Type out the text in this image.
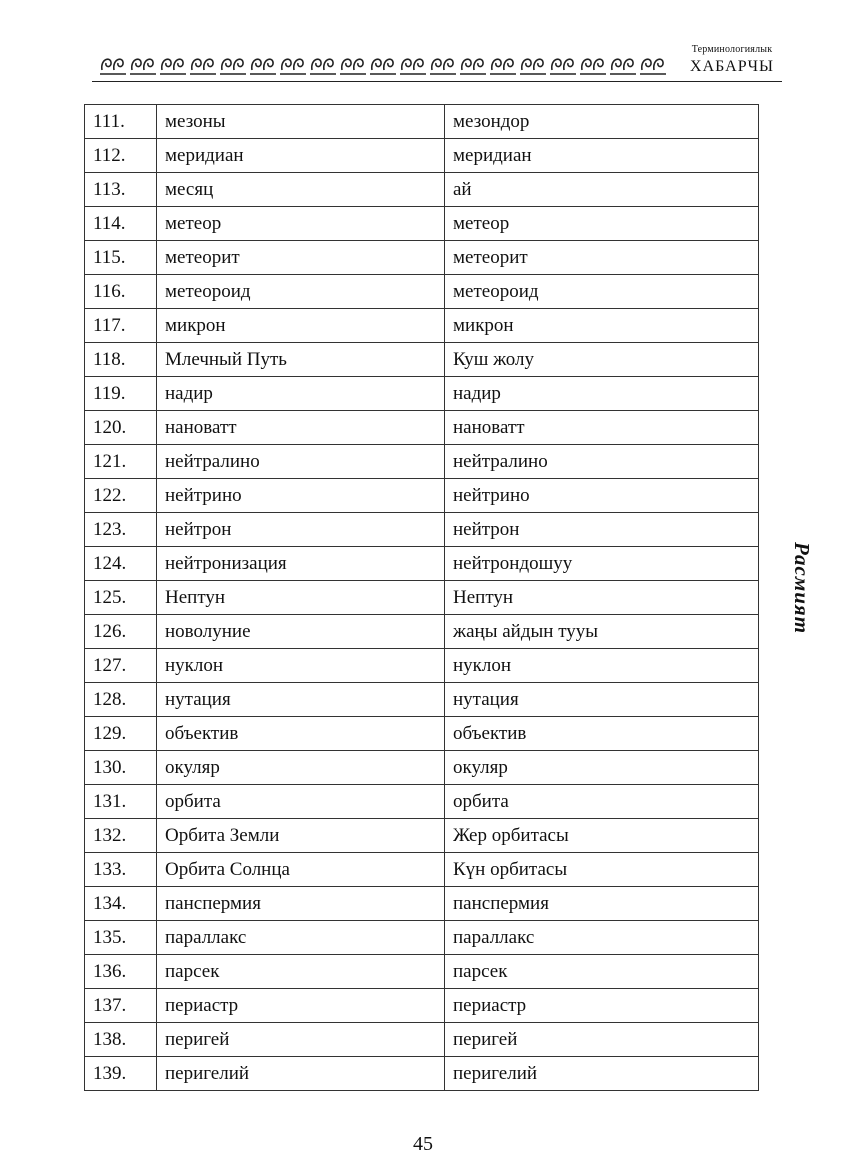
Терминологиялык
ХАБАРЧЫ
111.	мезоны	мезондор
112.	меридиан	меридиан
113.	месяц	ай
114.	метеор	метеор
115.	метеорит	метеорит
116.	метеороид	метеороид
117.	микрон	микрон
118.	Млечный Путь	Куш жолу
119.	надир	надир
120.	нановатт	нановатт
121.	нейтралино	нейтралино
122.	нейтрино	нейтрино
123.	нейтрон	нейтрон
124.	нейтронизация	нейтрондошуу
125.	Нептун	Нептун
126.	новолуние	жаңы айдын тууы
127.	нуклон	нуклон
128.	нутация	нутация
129.	объектив	объектив
130.	окуляр	окуляр
131.	орбита	орбита
132.	Орбита Земли	Жер орбитасы
133.	Орбита Солнца	Күн орбитасы
134.	панспермия	панспермия
135.	параллакс	параллакс
136.	парсек	парсек
137.	периастр	периастр
138.	перигей	перигей
139.	перигелий	перигелий
Расмият
45
